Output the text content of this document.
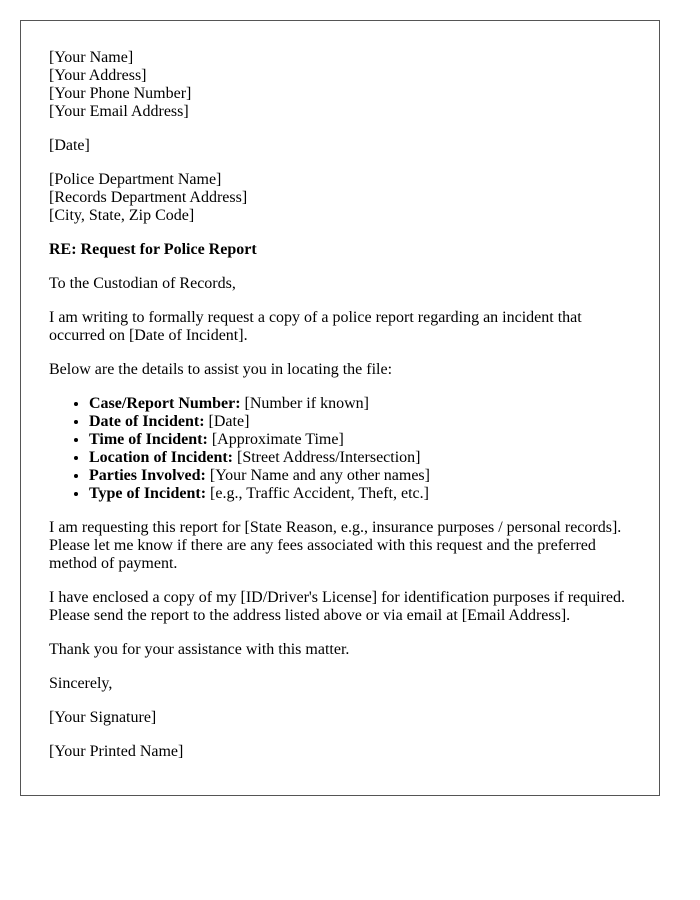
[Your Name]
[Your Address]
[Your Phone Number]
[Your Email Address]
[Date]
[Police Department Name]
[Records Department Address]
[City, State, Zip Code]
RE: Request for Police Report
To the Custodian of Records,
I am writing to formally request a copy of a police report regarding an incident that occurred on [Date of Incident].
Below are the details to assist you in locating the file:
• Case/Report Number: [Number if known]
• Date of Incident: [Date]
• Time of Incident: [Approximate Time]
• Location of Incident: [Street Address/Intersection]
• Parties Involved: [Your Name and any other names]
• Type of Incident: [e.g., Traffic Accident, Theft, etc.]
I am requesting this report for [State Reason, e.g., insurance purposes / personal records]. Please let me know if there are any fees associated with this request and the preferred method of payment.
I have enclosed a copy of my [ID/Driver's License] for identification purposes if required. Please send the report to the address listed above or via email at [Email Address].
Thank you for your assistance with this matter.
Sincerely,
[Your Signature]
[Your Printed Name]
